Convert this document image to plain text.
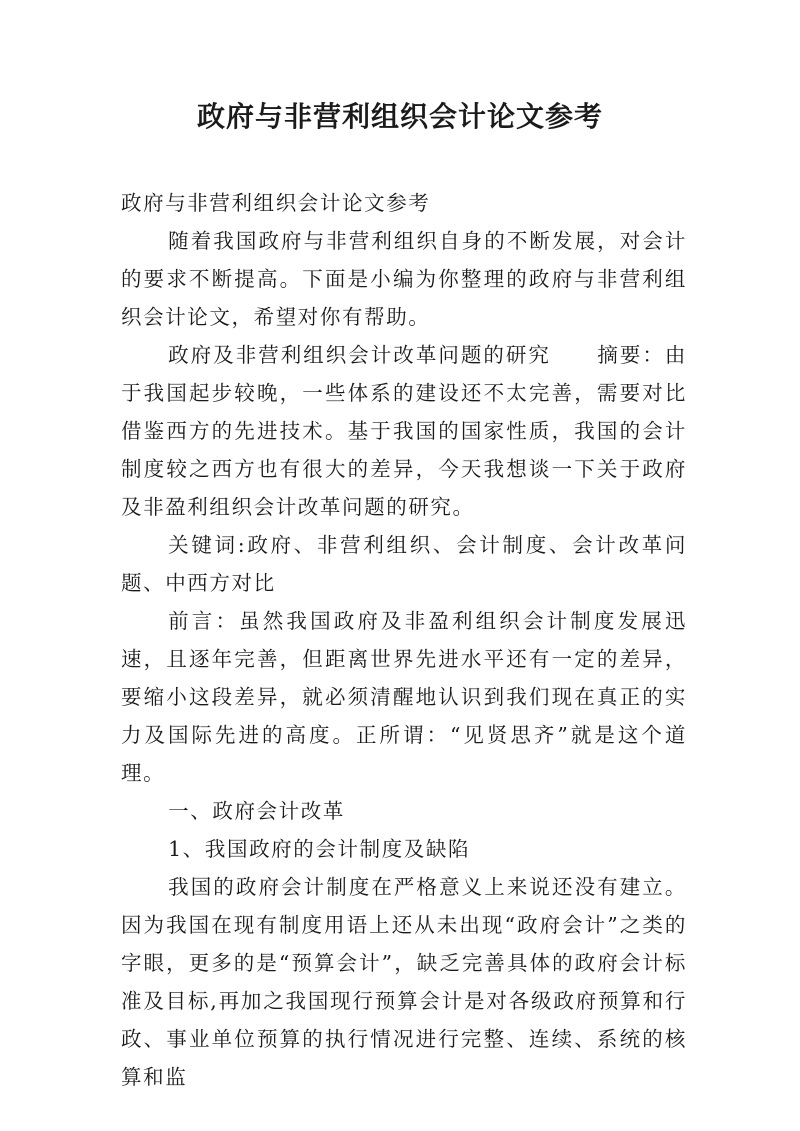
政府与非营利组织会计论文参考

政府与非营利组织会计论文参考

随着我国政府与非营利组织自身的不断发展，对会计的要求不断提高。下面是小编为你整理的政府与非营利组织会计论文，希望对你有帮助。

政府及非营利组织会计改革问题的研究 摘要：由于我国起步较晚，一些体系的建设还不太完善，需要对比借鉴西方的先进技术。基于我国的国家性质，我国的会计制度较之西方也有很大的差异，今天我想谈一下关于政府及非盈利组织会计改革问题的研究。

关键词:政府、非营利组织、会计制度、会计改革问题、中西方对比

前言：虽然我国政府及非盈利组织会计制度发展迅速，且逐年完善，但距离世界先进水平还有一定的差异，要缩小这段差异，就必须清醒地认识到我们现在真正的实力及国际先进的高度。正所谓：“见贤思齐”就是这个道理。

一、政府会计改革

1、我国政府的会计制度及缺陷

我国的政府会计制度在严格意义上来说还没有建立。因为我国在现有制度用语上还从未出现“政府会计”之类的字眼，更多的是“预算会计”，缺乏完善具体的政府会计标准及目标,再加之我国现行预算会计是对各级政府预算和行政、事业单位预算的执行情况进行完整、连续、系统的核算和监
